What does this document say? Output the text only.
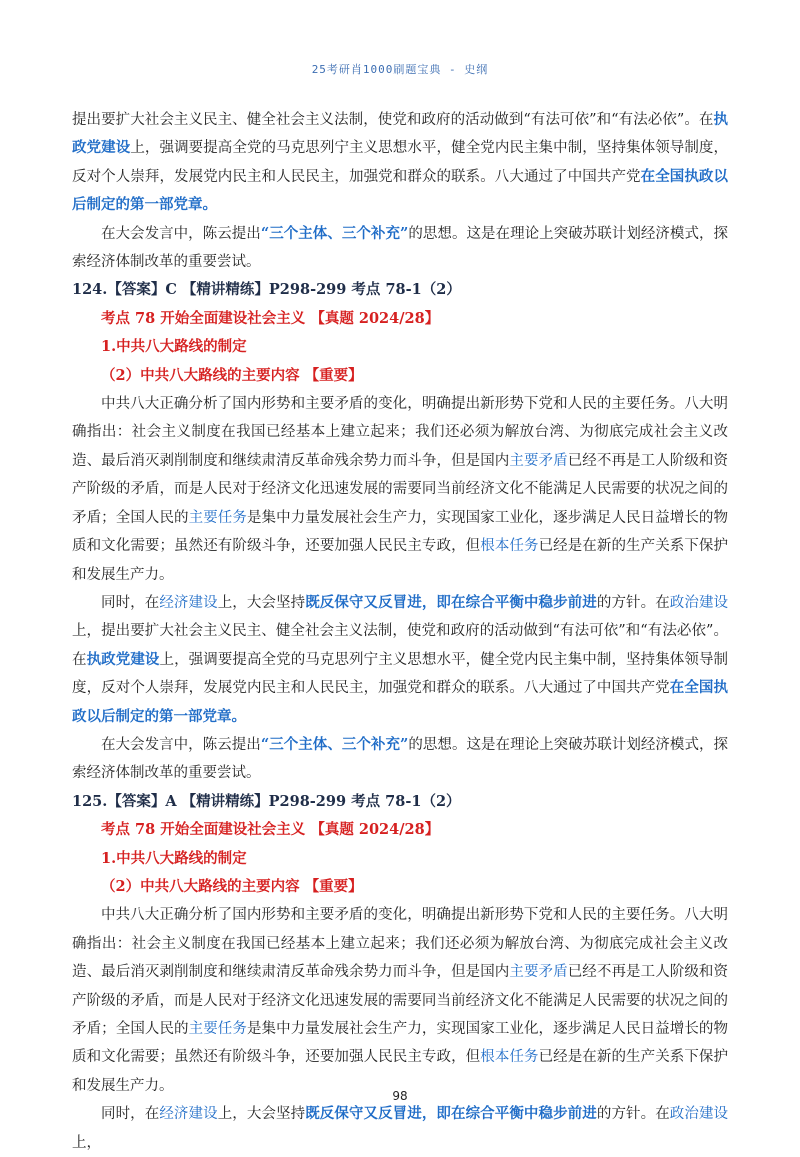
25考研肖1000刷题宝典 - 史纲

提出要扩大社会主义民主、健全社会主义法制，使党和政府的活动做到“有法可依”和“有法必依”。在执政党建设上，强调要提高全党的马克思列宁主义思想水平，健全党内民主集中制，坚持集体领导制度，反对个人崇拜，发展党内民主和人民民主，加强党和群众的联系。八大通过了中国共产党在全国执政以后制定的第一部党章。

在大会发言中，陈云提出“三个主体、三个补充”的思想。这是在理论上突破苏联计划经济模式，探索经济体制改革的重要尝试。

124.【答案】C 【精讲精练】P298-299 考点 78-1（2）

考点 78 开始全面建设社会主义 【真题 2024/28】

1.中共八大路线的制定

（2）中共八大路线的主要内容 【重要】

中共八大正确分析了国内形势和主要矛盾的变化，明确提出新形势下党和人民的主要任务。八大明确指出：社会主义制度在我国已经基本上建立起来；我们还必须为解放台湾、为彻底完成社会主义改造、最后消灭剥削制度和继续肃清反革命残余势力而斗争，但是国内主要矛盾已经不再是工人阶级和资产阶级的矛盾，而是人民对于经济文化迅速发展的需要同当前经济文化不能满足人民需要的状况之间的矛盾；全国人民的主要任务是集中力量发展社会生产力，实现国家工业化，逐步满足人民日益增长的物质和文化需要；虽然还有阶级斗争，还要加强人民民主专政，但根本任务已经是在新的生产关系下保护和发展生产力。

同时，在经济建设上，大会坚持既反保守又反冒进，即在综合平衡中稳步前进的方针。在政治建设上，提出要扩大社会主义民主、健全社会主义法制，使党和政府的活动做到“有法可依”和“有法必依”。在执政党建设上，强调要提高全党的马克思列宁主义思想水平，健全党内民主集中制，坚持集体领导制度，反对个人崇拜，发展党内民主和人民民主，加强党和群众的联系。八大通过了中国共产党在全国执政以后制定的第一部党章。

在大会发言中，陈云提出“三个主体、三个补充”的思想。这是在理论上突破苏联计划经济模式，探索经济体制改革的重要尝试。

125.【答案】A 【精讲精练】P298-299 考点 78-1（2）

考点 78 开始全面建设社会主义 【真题 2024/28】

1.中共八大路线的制定

（2）中共八大路线的主要内容 【重要】

中共八大正确分析了国内形势和主要矛盾的变化，明确提出新形势下党和人民的主要任务。八大明确指出：社会主义制度在我国已经基本上建立起来；我们还必须为解放台湾、为彻底完成社会主义改造、最后消灭剥削制度和继续肃清反革命残余势力而斗争，但是国内主要矛盾已经不再是工人阶级和资产阶级的矛盾，而是人民对于经济文化迅速发展的需要同当前经济文化不能满足人民需要的状况之间的矛盾；全国人民的主要任务是集中力量发展社会生产力，实现国家工业化，逐步满足人民日益增长的物质和文化需要；虽然还有阶级斗争，还要加强人民民主专政，但根本任务已经是在新的生产关系下保护和发展生产力。

同时，在经济建设上，大会坚持既反保守又反冒进，即在综合平衡中稳步前进的方针。在政治建设上，

98
